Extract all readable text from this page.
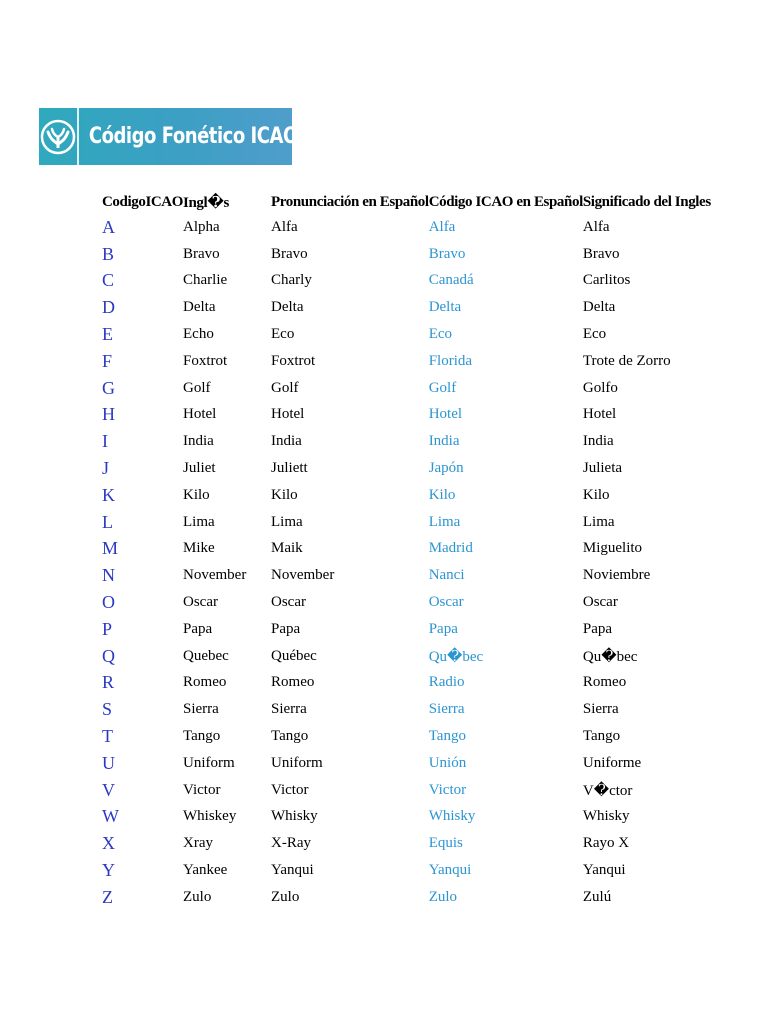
Código Fonético ICAO
CodigoICAO	Ingl�s	Pronunciación en Español	Código ICAO en Español	Significado del Ingles
A	Alpha	Alfa	Alfa	Alfa
B	Bravo	Bravo	Bravo	Bravo
C	Charlie	Charly	Canadá	Carlitos
D	Delta	Delta	Delta	Delta
E	Echo	Eco	Eco	Eco
F	Foxtrot	Foxtrot	Florida	Trote de Zorro
G	Golf	Golf	Golf	Golfo
H	Hotel	Hotel	Hotel	Hotel
I	India	India	India	India
J	Juliet	Juliett	Japón	Julieta
K	Kilo	Kilo	Kilo	Kilo
L	Lima	Lima	Lima	Lima
M	Mike	Maik	Madrid	Miguelito
N	November	November	Nanci	Noviembre
O	Oscar	Oscar	Oscar	Oscar
P	Papa	Papa	Papa	Papa
Q	Quebec	Québec	Qu�bec	Qu�bec
R	Romeo	Romeo	Radio	Romeo
S	Sierra	Sierra	Sierra	Sierra
T	Tango	Tango	Tango	Tango
U	Uniform	Uniform	Unión	Uniforme
V	Victor	Victor	Victor	V�ctor
W	Whiskey	Whisky	Whisky	Whisky
X	Xray	X-Ray	Equis	Rayo X
Y	Yankee	Yanqui	Yanqui	Yanqui
Z	Zulo	Zulo	Zulo	Zulú
